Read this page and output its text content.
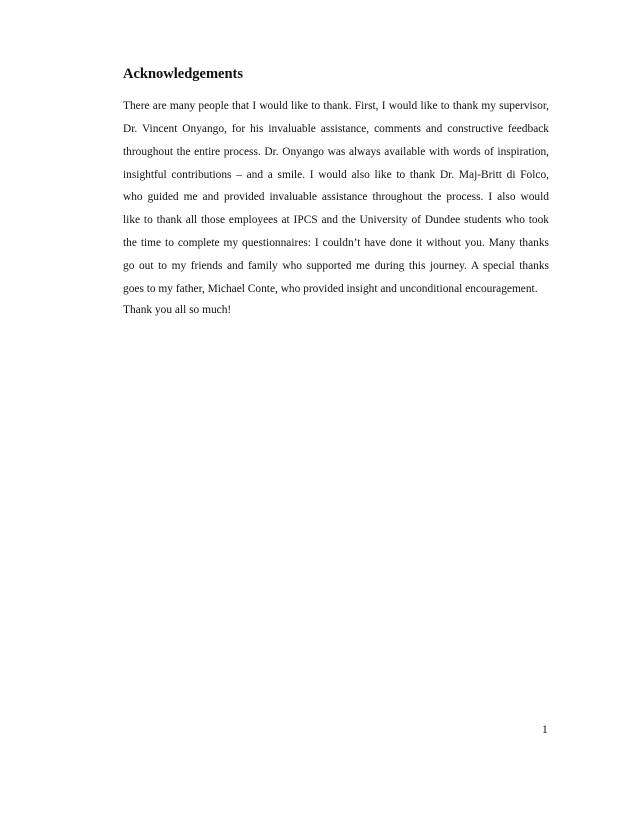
Acknowledgements

There are many people that I would like to thank. First, I would like to thank my supervisor,
Dr. Vincent Onyango, for his invaluable assistance, comments and constructive feedback
throughout the entire process. Dr. Onyango was always available with words of inspiration,
insightful contributions – and a smile. I would also like to thank Dr. Maj-Britt di Folco,
who guided me and provided invaluable assistance throughout the process. I also would
like to thank all those employees at IPCS and the University of Dundee students who took
the time to complete my questionnaires: I couldn’t have done it without you. Many thanks
go out to my friends and family who supported me during this journey. A special thanks
goes to my father, Michael Conte, who provided insight and unconditional encouragement.

Thank you all so much!

1
